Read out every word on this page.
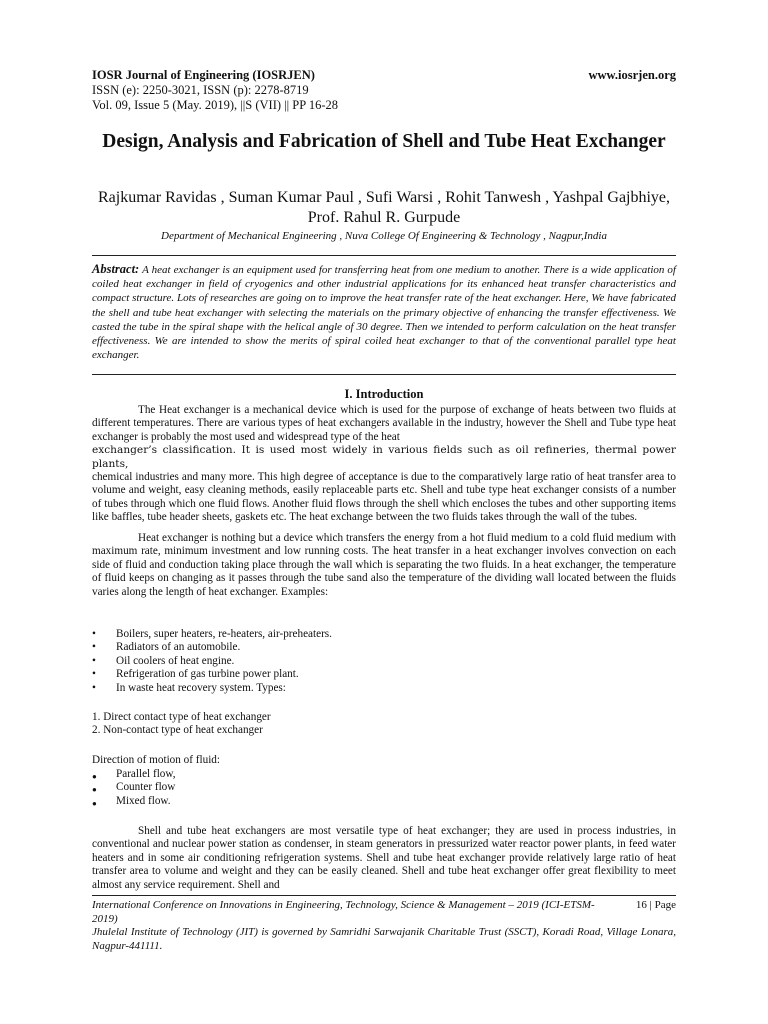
IOSR Journal of Engineering (IOSRJEN)	www.iosrjen.org
ISSN (e): 2250-3021, ISSN (p): 2278-8719
Vol. 09, Issue 5 (May. 2019), ||S (VII) || PP 16-28
Design, Analysis and Fabrication of Shell and Tube Heat Exchanger
Rajkumar Ravidas , Suman Kumar Paul , Sufi Warsi , Rohit Tanwesh , Yashpal Gajbhiye, Prof. Rahul R. Gurpude
Department of Mechanical Engineering , Nuva College Of Engineering & Technology , Nagpur,India
Abstract: A heat exchanger is an equipment used for transferring heat from one medium to another. There is a wide application of coiled heat exchanger in field of cryogenics and other industrial applications for its enhanced heat transfer characteristics and compact structure. Lots of researches are going on to improve the heat transfer rate of the heat exchanger. Here, We have fabricated the shell and tube heat exchanger with selecting the materials on the primary objective of enhancing the transfer effectiveness. We casted the tube in the spiral shape with the helical angle of 30 degree. Then we intended to perform calculation on the heat transfer effectiveness. We are intended to show the merits of spiral coiled heat exchanger to that of the conventional parallel type heat exchanger.
I. Introduction

The Heat exchanger is a mechanical device which is used for the purpose of exchange of heats between two fluids at different temperatures. There are various types of heat exchangers available in the industry, however the Shell and Tube type heat exchanger is probably the most used and widespread type of the heat

exchanger’s classification. It is used most widely in various fields such as oil refineries, thermal power plants,

chemical industries and many more. This high degree of acceptance is due to the comparatively large ratio of heat transfer area to volume and weight, easy cleaning methods, easily replaceable parts etc. Shell and tube type heat exchanger consists of a number of tubes through which one fluid flows. Another fluid flows through the shell which encloses the tubes and other supporting items like baffles, tube header sheets, gaskets etc. The heat exchange between the two fluids takes through the wall of the tubes.

Heat exchanger is nothing but a device which transfers the energy from a hot fluid medium to a cold fluid medium with maximum rate, minimum investment and low running costs. The heat transfer in a heat exchanger involves convection on each side of fluid and conduction taking place through the wall which is separating the two fluids. In a heat exchanger, the temperature of fluid keeps on changing as it passes through the tube sand also the temperature of the dividing wall located between the fluids varies along the length of heat exchanger. Examples:

• Boilers, super heaters, re-heaters, air-preheaters.
• Radiators of an automobile.
• Oil coolers of heat engine.
• Refrigeration of gas turbine power plant.
• In waste heat recovery system. Types:
1. Direct contact type of heat exchanger
2. Non-contact type of heat exchanger
Direction of motion of fluid:
● Parallel flow,
● Counter flow
● Mixed flow.

Shell and tube heat exchangers are most versatile type of heat exchanger; they are used in process industries, in conventional and nuclear power station as condenser, in steam generators in pressurized water reactor power plants, in feed water heaters and in some air conditioning refrigeration systems. Shell and tube heat exchanger provide relatively large ratio of heat transfer area to volume and weight and they can be easily cleaned. Shell and tube heat exchanger offer great flexibility to meet almost any service requirement. Shell and

International Conference on Innovations in Engineering, Technology, Science & Management – 2019 (ICI-ETSM-2019)
16 | Page
Jhulelal Institute of Technology (JIT) is governed by Samridhi Sarwajanik Charitable Trust (SSCT), Koradi Road, Village Lonara, Nagpur-441111.
